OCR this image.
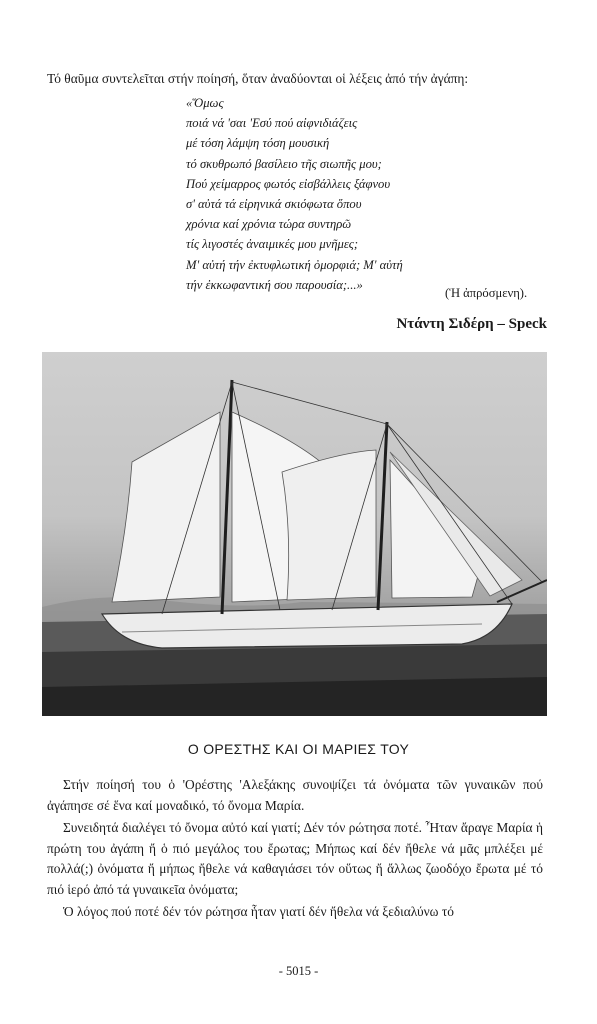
Τό θαῦμα συντελεῖται στήν ποίησή, ὅταν ἀναδύονται οἱ λέξεις ἀπό τήν ἀγάπη:
«Ὅμως
ποιά νά 'σαι 'Εσύ πού αἰφνιδιάζεις
μέ τόση λάμψη τόση μουσική
τό σκυθρωπό βασίλειο τῆς σιωπῆς μου;
Πού χείμαρρος φωτός εἰσβάλλεις ξάφνου
σ' αὐτά τά εἰρηνικά σκιόφωτα ὅπου
χρόνια καί χρόνια τώρα συντηρῶ
τίς λιγοστές ἀναιμικές μου μνῆμες;
Μ' αὐτή τήν ἐκτυφλωτική ὀμορφιά; Μ' αὐτή
τήν ἐκκωφαντική σου παρουσία;...»
(Ἡ ἀπρόσμενη).
Ντάντη Σιδέρη – Speck
Ο ΟΡΕΣΤΗΣ ΚΑΙ ΟΙ ΜΑΡΙΕΣ ΤΟΥ

Στήν ποίησή του ὁ 'Ορέστης 'Αλεξάκης συνοψίζει τά ὀνόματα τῶν γυναικῶν πού ἀγάπησε σέ ἕνα καί μοναδικό, τό ὄνομα Μαρία.

Συνειδητά διαλέγει τό ὄνομα αὐτό καί γιατί; Δέν τόν ρώτησα ποτέ. Ἦταν ἄραγε Μαρία ἡ πρώτη του ἀγάπη ἤ ὁ πιό μεγάλος του ἔρωτας; Μήπως καί δέν ἤθελε νά μᾶς μπλέξει μέ πολλά(;) ὀνόματα ἤ μήπως ἤθελε νά καθαγιάσει τόν οὕτως ἤ ἄλλως ζωοδόχο ἔρωτα μέ τό πιό ἱερό ἀπό τά γυναικεῖα ὀνόματα;

Ὁ λόγος πού ποτέ δέν τόν ρώτησα ἦταν γιατί δέν ἤθελα νά ξεδιαλύνω τό

- 5015 -
